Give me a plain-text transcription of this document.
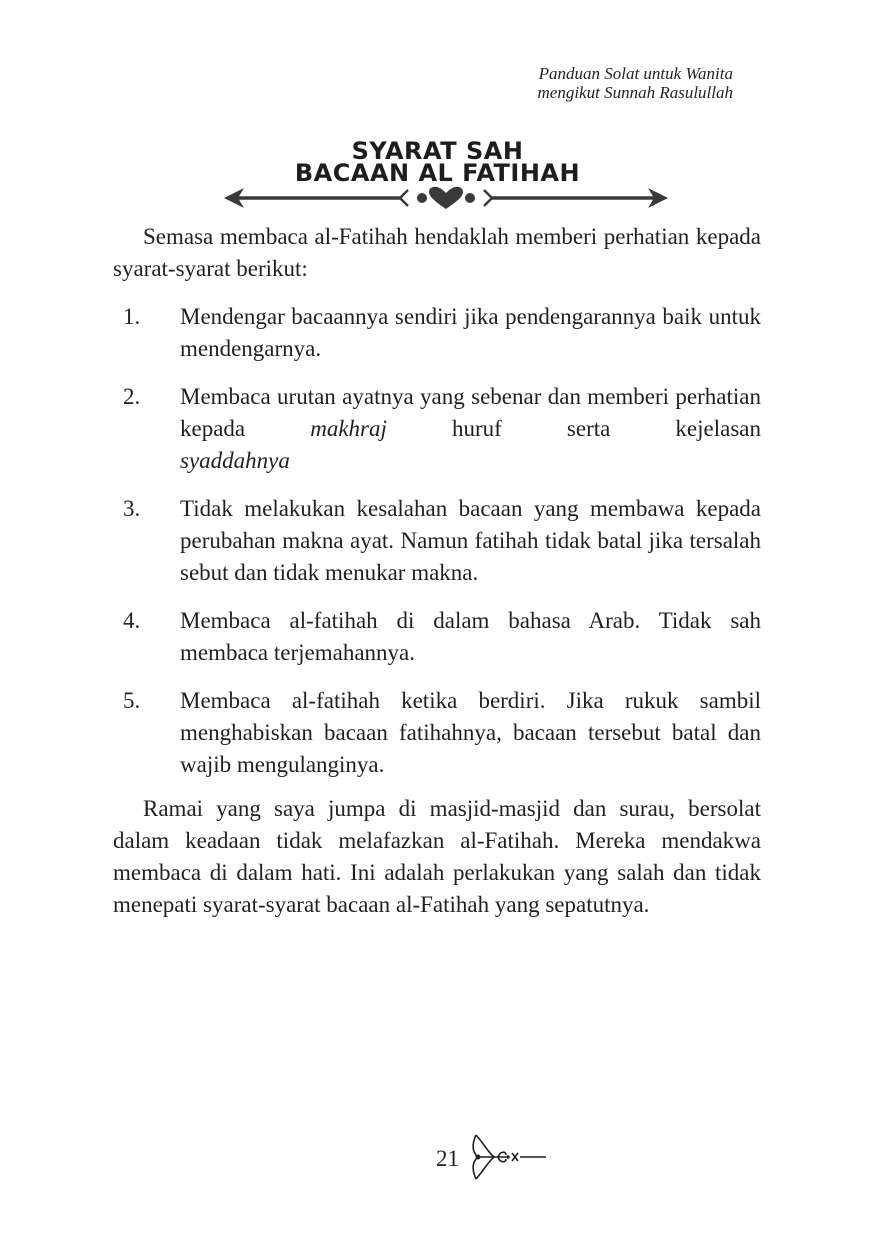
Panduan Solat untuk Wanita
mengikut Sunnah Rasulullah
SYARAT SAH
BACAAN AL FATIHAH

Semasa membaca al-Fatihah hendaklah memberi perhatian kepada syarat-syarat berikut:

1. Mendengar bacaannya sendiri jika pendengarannya baik untuk mendengarnya.
2. Membaca urutan ayatnya yang sebenar dan memberi perhatian kepada	makhraj	huruf serta kejelasan
syaddahnya
3. Tidak melakukan kesalahan bacaan yang membawa kepada perubahan makna ayat. Namun fatihah tidak batal jika tersalah sebut dan tidak menukar makna.
4. Membaca al-fatihah di dalam bahasa Arab. Tidak sah membaca terjemahannya.
5. Membaca al-fatihah ketika berdiri. Jika rukuk sambil menghabiskan bacaan fatihahnya, bacaan tersebut batal dan wajib mengulanginya.

Ramai yang saya jumpa di masjid-masjid dan surau, bersolat dalam keadaan tidak melafazkan al-Fatihah. Mereka mendakwa membaca di dalam hati. Ini adalah perlakukan yang salah dan tidak menepati syarat-syarat bacaan al-Fatihah yang sepatutnya.

21
